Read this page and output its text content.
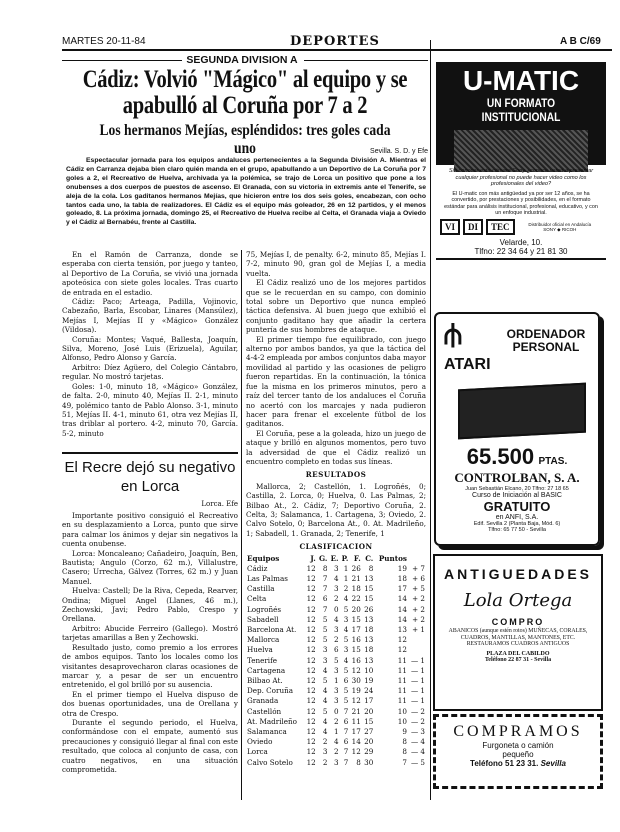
MARTES 20-11-84	DEPORTES	A B C/69
SEGUNDA DIVISION A
Cádiz: Volvió "Mágico" al equipo y se apabulló al Coruña por 7 a 2
Los hermanos Mejías, espléndidos: tres goles cada uno	Sevilla. S. D. y Efe
Espectacular jornada para los equipos andaluces pertenecientes a la Segunda División A. Mientras el Cádiz en Carranza dejaba bien claro quién manda en el grupo, apabullando a un Deportivo de La Coruña por 7 goles a 2, el Recreativo de Huelva, archivada ya la polémica, se trajo de Lorca un positivo que pone a los onubenses a dos cuerpos de puestos de ascenso. El Granada, con su victoria in extremis ante el Tenerife, se aleja de la cola. Los gaditanos hermanos Mejías, que hicieron entre los dos seis goles, encabezan, con ocho tantos cada uno, la tabla de realizadores. El Cádiz es el equipo más goleador, 26 en 12 partidos, y el menos goleado, 8. La próxima jornada, domingo 25, el Recreativo de Huelva recibe al Celta, el Granada viaja a Oviedo y el Cádiz al Bernabéu, frente al Castilla.

En el Ramón de Carranza, donde se esperaba con cierta tensión, por juego y tanteo, al Deportivo de La Coruña, se vivió una jornada apoteósica con siete goles locales. Tras cuarto de entrada en el estadio.

Cádiz: Paco; Arteaga, Padilla, Vojinovic, Cabezaño, Barla, Escobar, Linares (Mansúlez), Mejías I, Mejías II y «Mágico» González (Vildosa).

Coruña: Montes; Vaqué, Ballesta, Joaquín, Silva, Moreno, José Luis (Erizuela), Aguilar, Alfonso, Pedro Alonso y García.

Arbitro: Díez Agüero, del Colegio Cántabro, regular. No mostró tarjetas.

Goles: 1-0, minuto 18, «Mágico» González, de falta. 2-0, minuto 40, Mejías II. 2-1, minuto 49, polémico tanto de Pablo Alonso. 3-1, minuto 51, Mejías II. 4-1, minuto 61, otra vez Mejías II, tras driblar al portero. 4-2, minuto 70, García. 5-2, minuto

El Recre dejó su negativo en Lorca
Lorca. Efe

Importante positivo consiguió el Recreativo en su desplazamiento a Lorca, punto que sirve para calmar los ánimos y dejar sin negativos la cuenta onubense.

Lorca: Moncaleano; Cañadeiro, Joaquín, Ben, Bautista; Angulo (Corzo, 62 m.), Villalustre, Casero; Urrecha, Gálvez (Torres, 62 m.) y Juan Manuel.

Huelva: Castell; De la Riva, Cepeda, Rearver, Ondina; Miguel Angel (Llanes, 46 m.), Zechowski, Javi; Pedro Pablo, Crespo y Orellana.

Arbitro: Abucide Ferreiro (Gallego). Mostró tarjetas amarillas a Ben y Zechowski.

Resultado justo, como premio a los errores de ambos equipos. Tanto los locales como los visitantes desaprovecharon claras ocasiones de marcar y, a pesar de ser un encuentro entretenido, el gol brilló por su ausencia.

En el primer tiempo el Huelva dispuso de dos buenas oportunidades, una de Orellana y otra de Crespo.

Durante el segundo periodo, el Huelva, conformándose con el empate, aumentó sus precauciones y consiguió llegar al final con este resultado, que coloca al conjunto de casa, con cuatro negativos, en una situación comprometida.

75, Mejías I, de penalty. 6-2, minuto 85, Mejías I. 7-2, minuto 90, gran gol de Mejías I, a media vuelta.

El Cádiz realizó uno de los mejores partidos que se le recuerdan en su campo, con dominio total sobre un Deportivo que nunca empleó táctica defensiva. Al buen juego que exhibió el conjunto gaditano hay que añadir la certera puntería de sus hombres de ataque.

El primer tiempo fue equilibrado, con juego alterno por ambos bandos, ya que la táctica del 4-4-2 empleada por ambos conjuntos daba mayor movilidad al partido y las ocasiones de peligro fueron repartidas. En la continuación, la tónica fue la misma en los primeros minutos, pero a raíz del tercer tanto de los andaluces el Coruña no acertó con los marcajes y nada pudieron hacer para frenar el excelente fútbol de los gaditanos.

El Coruña, pese a la goleada, hizo un juego de ataque y brilló en algunos momentos, pero tuvo la adversidad de que el Cádiz realizó un encuentro completo en todas sus líneas.

RESULTADOS

Mallorca, 2; Castellón, 1. Logroñés, 0; Castilla, 2. Lorca, 0; Huelva, 0. Las Palmas, 2; Bilbao At., 2. Cádiz, 7; Deportivo Coruña, 2. Celta, 3; Salamanca, 1. Cartagena, 3; Oviedo, 2. Calvo Sotelo, 0; Barcelona At., 0. At. Madrileño, 1; Sabadell, 1. Granada, 2; Tenerife, 1

CLASIFICACION
Equipos	J.	G.	E.	P.	F.	C.	Puntos	
Cádiz	12	8	3	1	26	8	19	+ 7
Las Palmas	12	7	4	1	21	13	18	+ 6
Castilla	12	7	3	2	18	15	17	+ 5
Celta	12	6	2	4	22	15	14	+ 2
Logroñés	12	7	0	5	20	26	14	+ 2
Sabadell	12	5	4	3	15	13	14	+ 2
Barcelona At.	12	5	3	4	17	18	13	+ 1
Mallorca	12	5	2	5	16	13	12	
Huelva	12	3	6	3	15	18	12	
Tenerife	12	3	5	4	16	13	11	— 1
Cartagena	12	4	3	5	12	10	11	— 1
Bilbao At.	12	5	1	6	30	19	11	— 1
Dep. Coruña	12	4	3	5	19	24	11	— 1
Granada	12	4	3	5	12	17	11	— 1
Castellón	12	5	0	7	21	20	10	— 2
At. Madrileño	12	4	2	6	11	15	10	— 2
Salamanca	12	4	1	7	17	27	9	— 3
Oviedo	12	2	4	6	14	20	8	— 4
Lorca	12	3	2	7	12	29	8	— 4
Calvo Sotelo	12	2	3	7	8	30	7	— 5
U-MATIC
UN FORMATO INSTITUCIONAL
Sin conocer esta cámara Sony ¿conoce usted a presentar cualquier profesional no puede hacer video como los profesionales del video?
El U-matic con más antigüedad ya por ser 12 años, se ha convertido, por prestaciones y posibilidades, en el formato estándar para análisis institucional, profesional, educativo, y con un enfoque industrial.
VI	DI	TEC	Distribuidor oficial en Andalucía
SONY ◆ RICOH
Velarde, 10.
Tlfno: 22 34 64 y 21 81 30
⫛
ATARI
ORDENADOR PERSONAL
65.500 PTAS.
CONTROLBAN, S. A.
Juan Sebastián Elcano, 20 Tlfno: 27 18 65
Curso de Iniciación al BASIC
GRATUITO
en ANFI, S.A.
Edif. Sevilla 2 (Planta Baja, Mód. 6)
Tlfno: 65 77 50 - Sevilla
ANTIGUEDADES
Lola Ortega
COMPRO
ABANICOS (aunque estén rotos) MUÑECAS, CORALES, CUADROS, MANTILLAS, MANTONES, ETC. RESTAURAMOS CUADROS ANTIGUOS
PLAZA DEL CABILDO
Teléfono 22 87 31 - Sevilla
COMPRAMOS
Furgoneta o camión
pequeño
Teléfono 51 23 31. Sevilla
